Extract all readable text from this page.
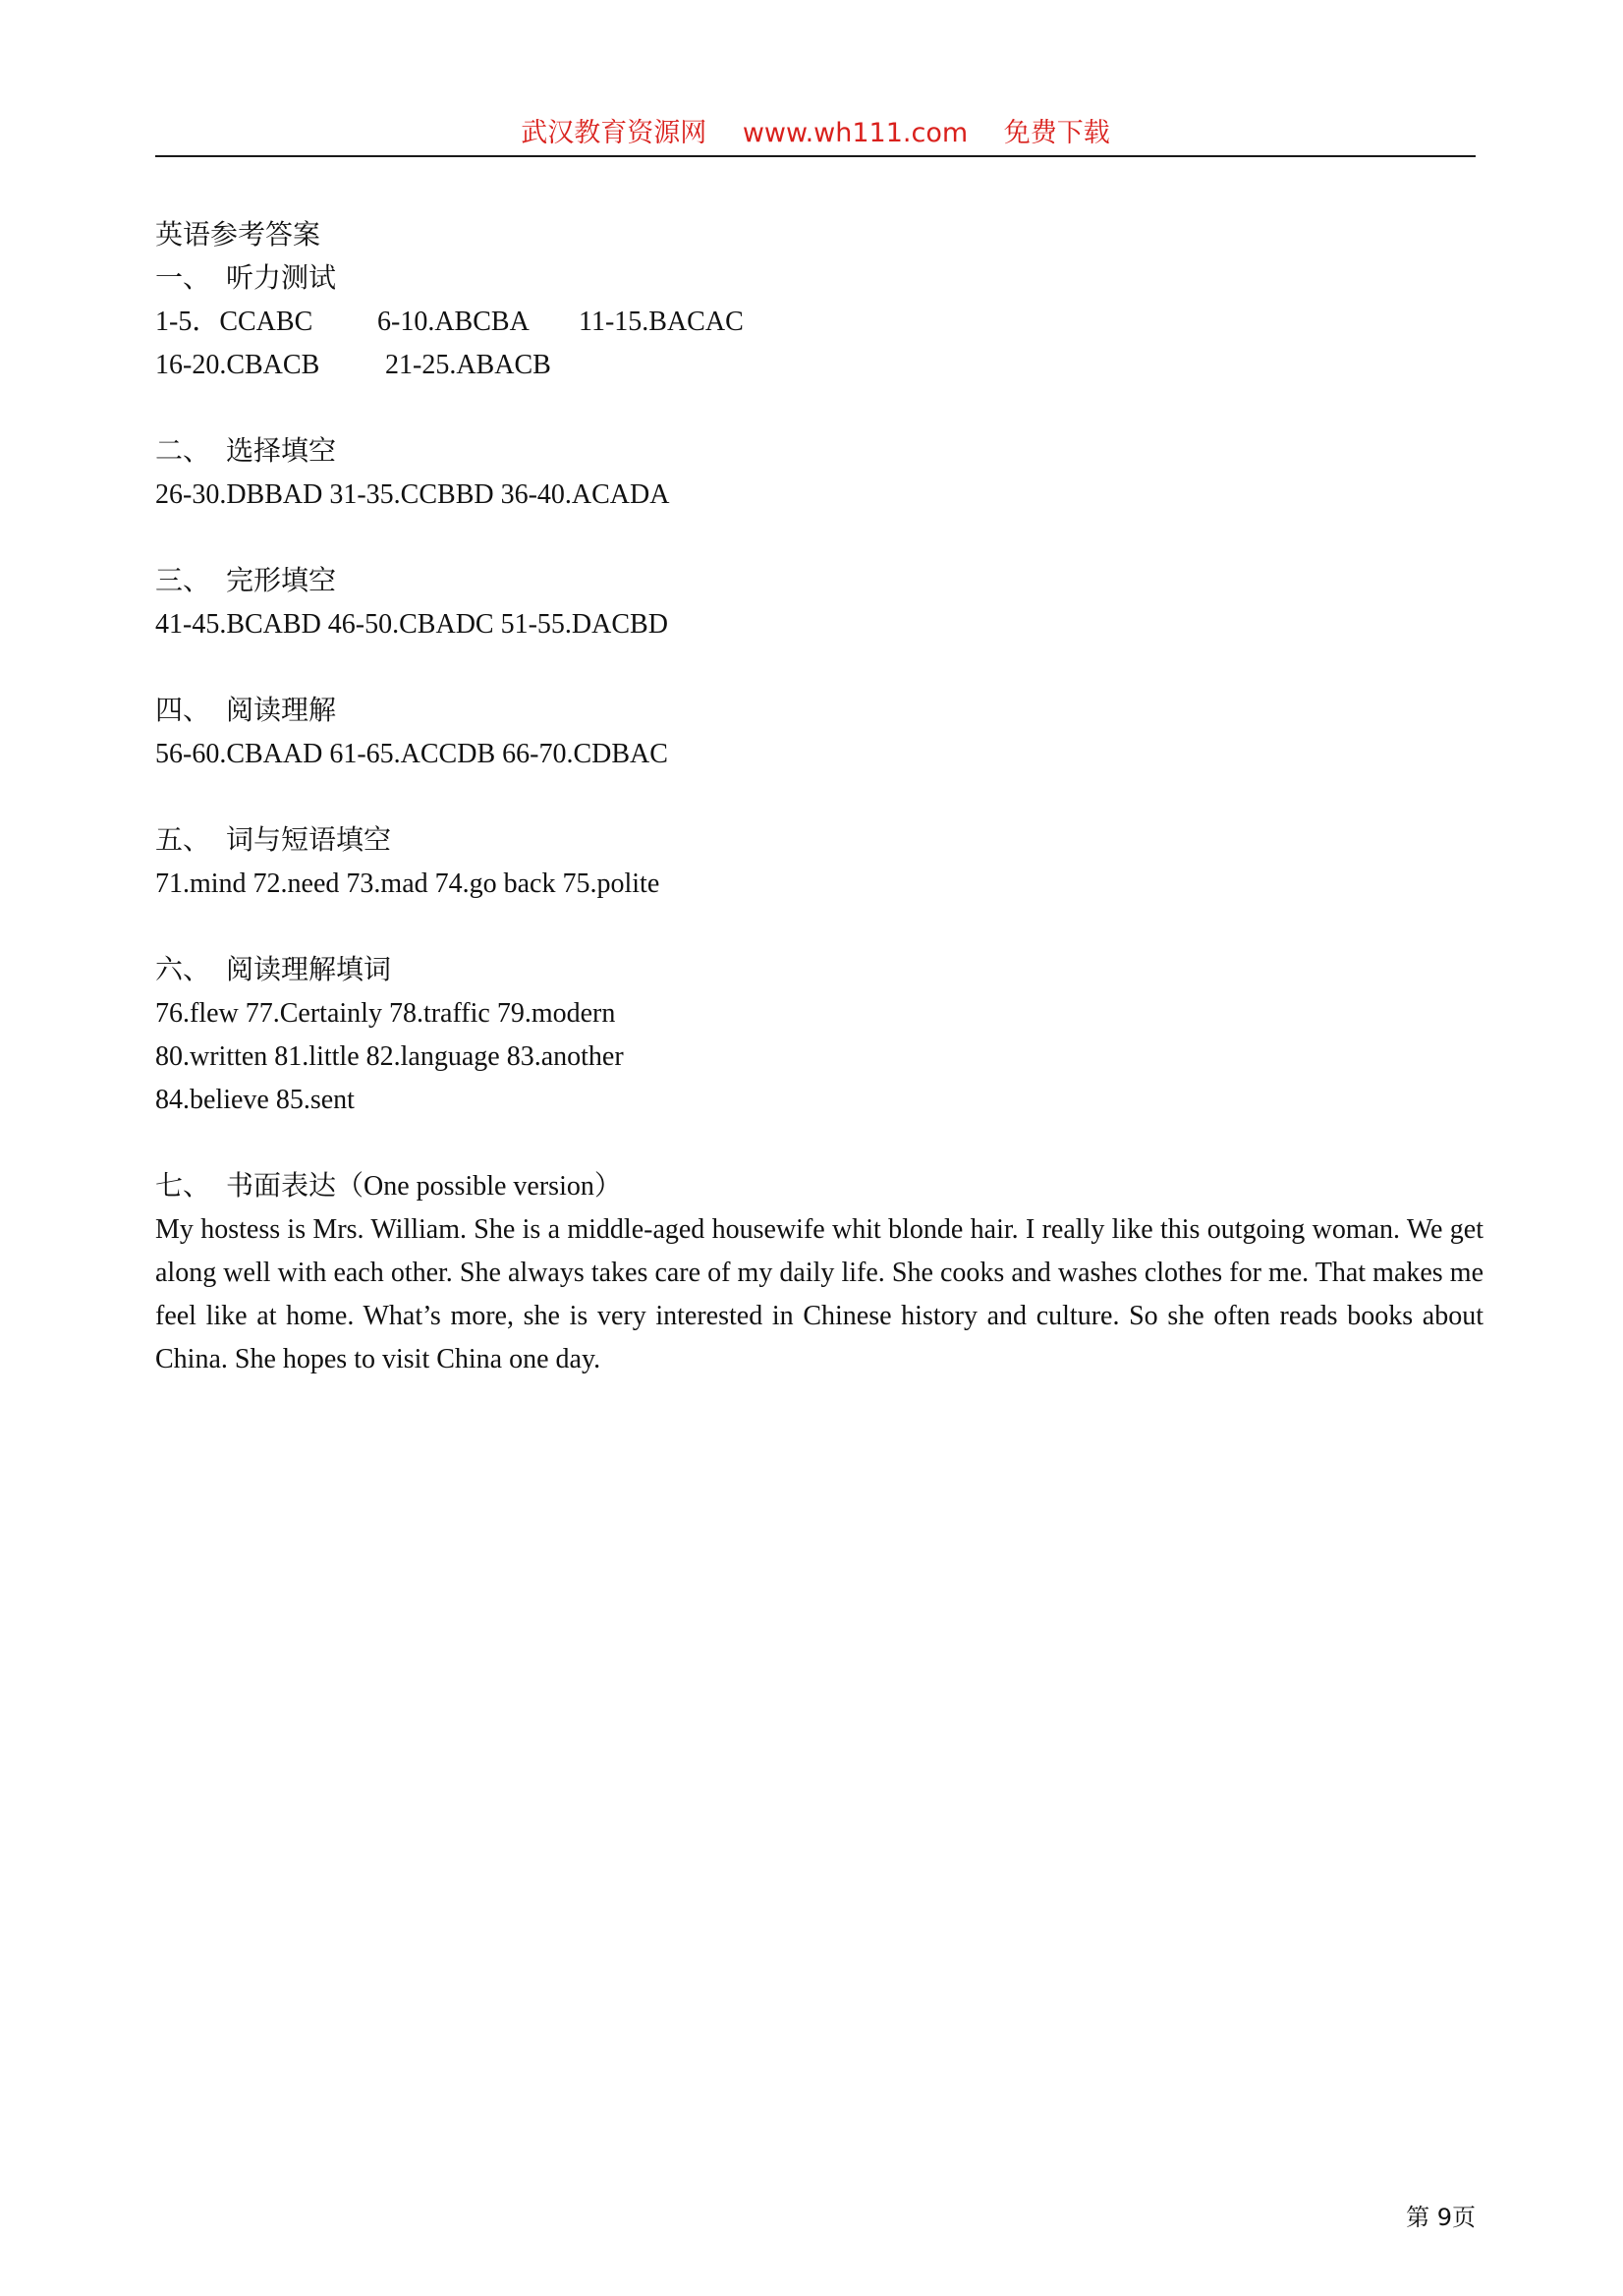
武汉教育资源网 www.wh111.com 免费下载
英语参考答案
一、 听力测试
1-5．CCABC 6-10.ABCBA 11-15.BACAC
16-20.CBACB 21-25.ABACB
二、 选择填空
26-30.DBBAD 31-35.CCBBD 36-40.ACADA
三、 完形填空
41-45.BCABD 46-50.CBADC 51-55.DACBD
四、 阅读理解
56-60.CBAAD 61-65.ACCDB 66-70.CDBAC
五、 词与短语填空
71.mind 72.need 73.mad 74.go back 75.polite
六、 阅读理解填词
76.flew 77.Certainly 78.traffic 79.modern
80.written 81.little 82.language 83.another
84.believe 85.sent
七、 书面表达（One possible version）

My hostess is Mrs. William. She is a middle-aged housewife whit blonde hair. I really like this outgoing woman. We get along well with each other. She always takes care of my daily life. She cooks and washes clothes for me. That makes me feel like at home. What’s more, she is very interested in Chinese history and culture. So she often reads books about China. She hopes to visit China one day.

第 9页
